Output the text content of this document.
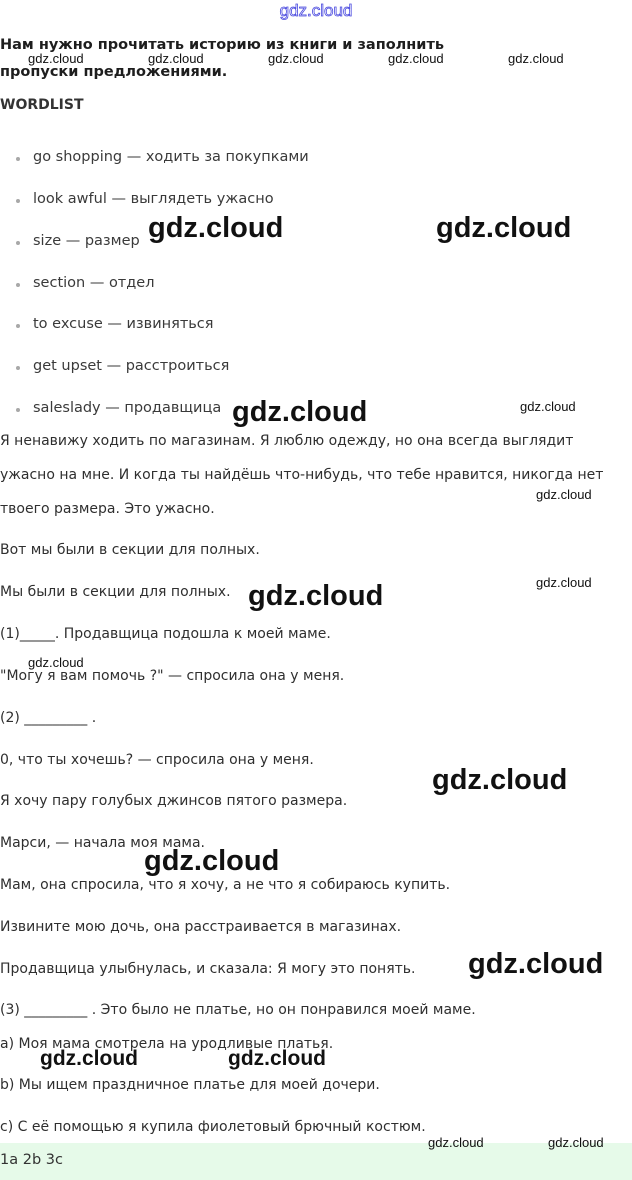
gdz.cloud
Нам нужно прочитать историю из книги и заполнить пропуски предложениями.
WORDLIST
go shopping — ходить за покупками
look awful — выглядеть ужасно
size — размер
section — отдел
to excuse — извиняться
get upset — расстроиться
saleslady — продавщица
Я ненавижу ходить по магазинам. Я люблю одежду, но она всегда выглядит
ужасно на мне. И когда ты найдёшь что-нибудь, что тебе нравится, никогда нет
твоего размера. Это ужасно.
Вот мы были в секции для полных.
Мы были в секции для полных.
(1)_____. Продавщица подошла к моей маме.
"Могу я вам помочь ?" — спросила она у меня.
(2) _________ .
0, что ты хочешь? — спросила она у меня.
Я хочу пару голубых джинсов пятого размера.
Марси, — начала моя мама.
Мам, она спросила, что я хочу, а не что я собираюсь купить.
Извините мою дочь, она расстраивается в магазинах.
Продавщица улыбнулась, и сказала: Я могу это понять.
(3) _________ . Это было не платье, но он понравился моей маме.
a) Моя мама смотрела на уродливые платья.
b) Мы ищем праздничное платье для моей дочери.
c) С её помощью я купила фиолетовый брючный костюм.
1a 2b 3c
gdz.cloud	gdz.cloud	gdz.cloud	gdz.cloud	gdz.cloud
gdz.cloud	gdz.cloud
gdz.cloud	gdz.cloud
gdz.cloud
gdz.cloud
gdz.cloud
gdz.cloud
gdz.cloud
gdz.cloud
gdz.cloud
gdz.cloud	gdz.cloud
gdz.cloud	gdz.cloud
